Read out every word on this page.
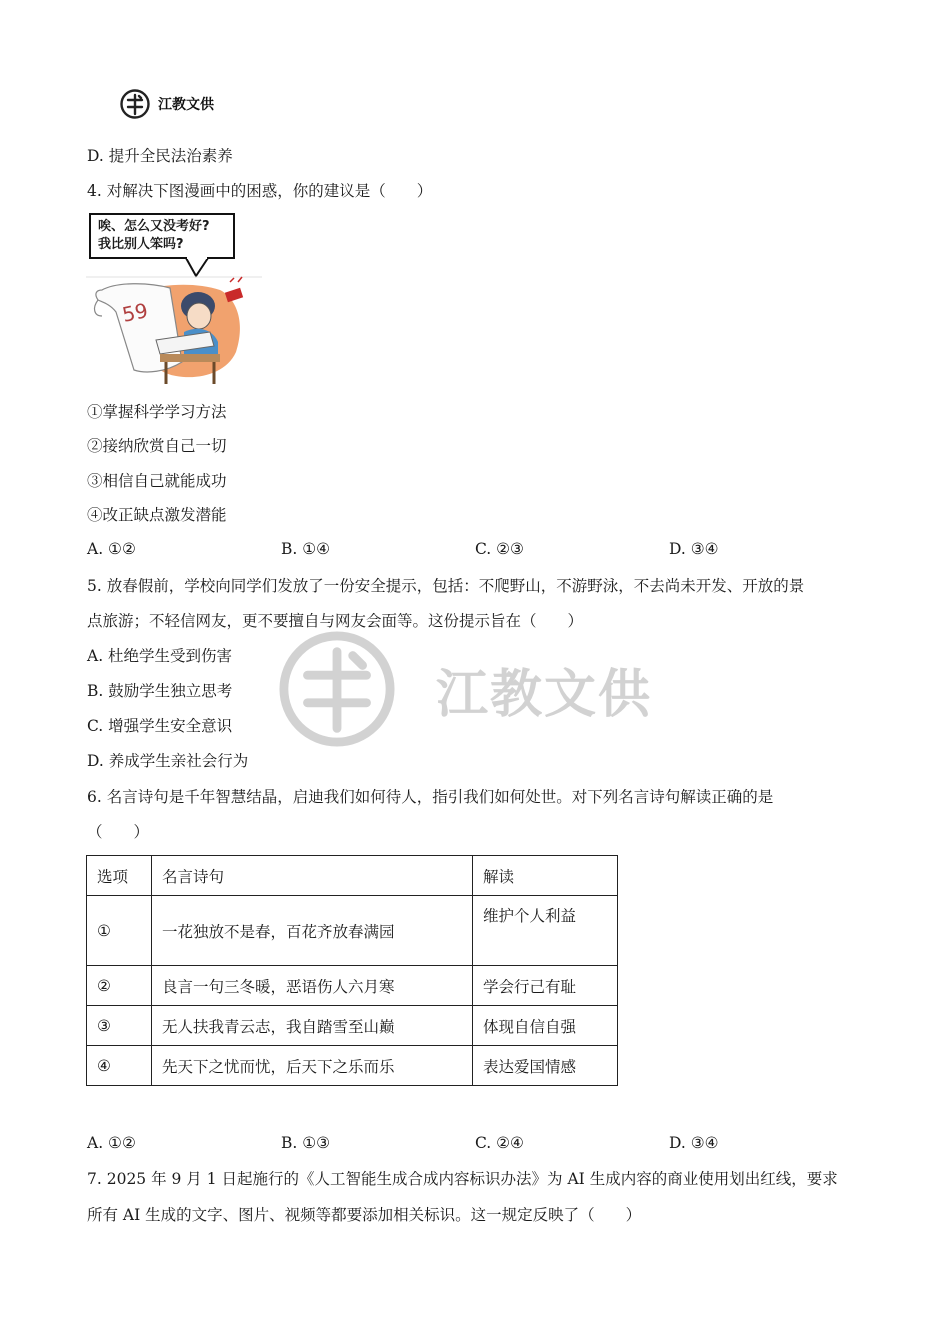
江教文供
江教文供
D. 提升全民法治素养
4. 对解决下图漫画中的困惑，你的建议是（　　）
59
唉、怎么又没考好?
我比别人笨吗?
①掌握科学学习方法
②接纳欣赏自己一切
③相信自己就能成功
④改正缺点激发潜能
A. ①②	B. ①④	C. ②③	D. ③④
5. 放春假前，学校向同学们发放了一份安全提示，包括：不爬野山，不游野泳，不去尚未开发、开放的景
点旅游；不轻信网友，更不要擅自与网友会面等。这份提示旨在（　　）
A. 杜绝学生受到伤害
B. 鼓励学生独立思考
C. 增强学生安全意识
D. 养成学生亲社会行为
6. 名言诗句是千年智慧结晶，启迪我们如何待人，指引我们如何处世。对下列名言诗句解读正确的是
（　　）
选项	名言诗句	解读
①	一花独放不是春，百花齐放春满园	维护个人利益
②	良言一句三冬暖，恶语伤人六月寒	学会行己有耻
③	无人扶我青云志，我自踏雪至山巅	体现自信自强
④	先天下之忧而忧，后天下之乐而乐	表达爱国情感
A. ①②	B. ①③	C. ②④	D. ③④
7. 2025 年 9 月 1 日起施行的《人工智能生成合成内容标识办法》为 AI 生成内容的商业使用划出红线，要求
所有 AI 生成的文字、图片、视频等都要添加相关标识。这一规定反映了（　　）
